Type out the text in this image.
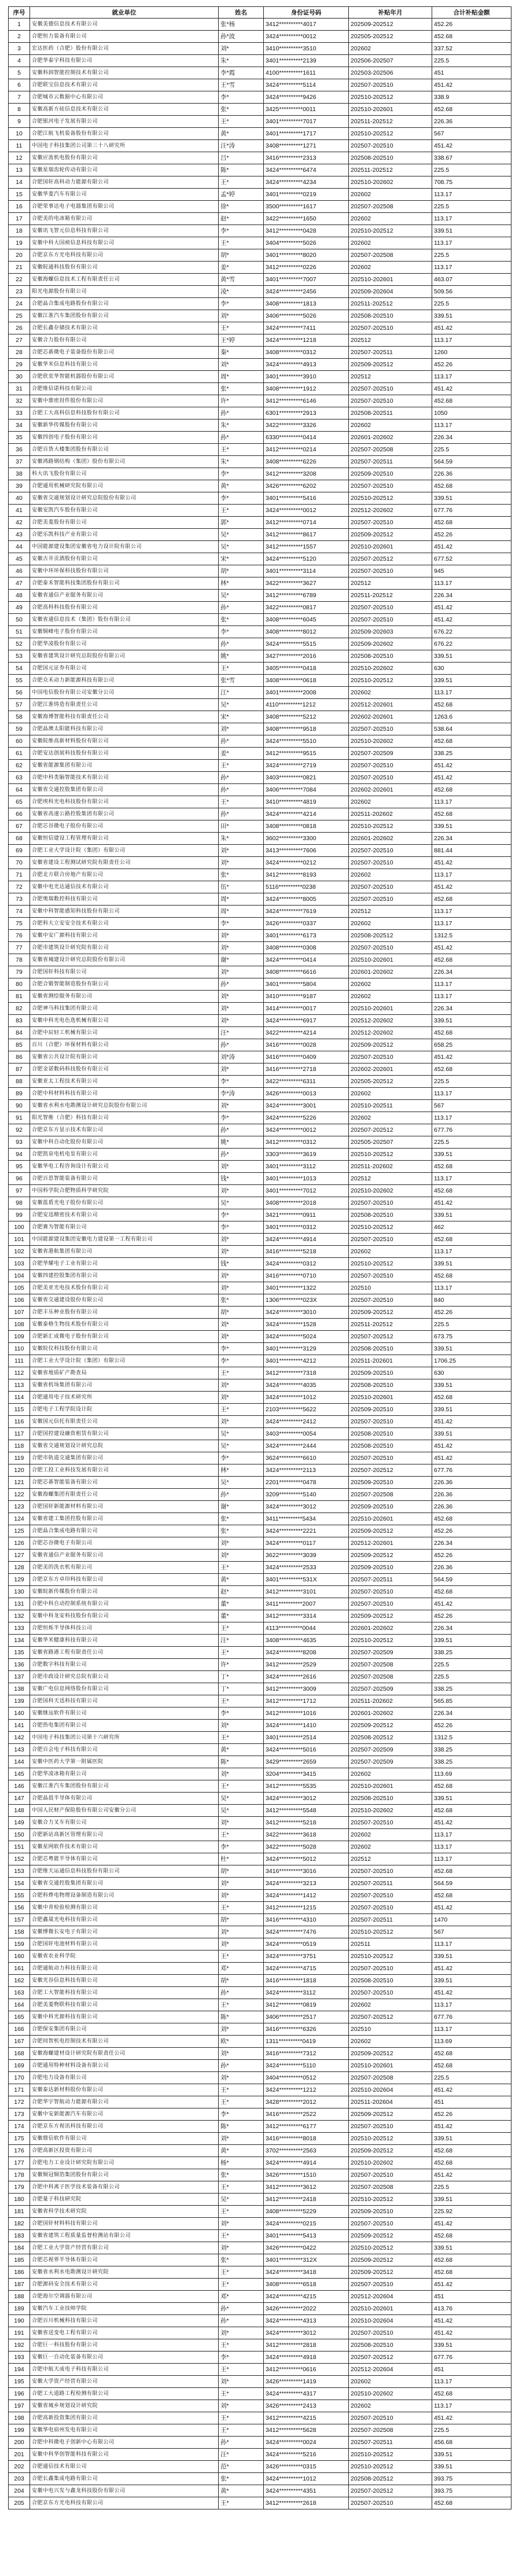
序号	就业单位	姓名	身份证号码	补贴年月	合计补贴金额
1	安徽美德信息技术有限公司	张*杨	3412**********4017	202509-202512	452.26
2	合肥恒力装备有限公司	孙*波	3424**********0012	202505-202512	452.68
3	宏达医药（合肥）股份有限公司	刘*	3410**********3510	202602	337.52
4	合肥华泰宇科技有限公司	朱*	3401**********2139	202506-202507	225.5
5	安徽科润智能控制技术有限公司	李*霞	4100**********1611	202503-202506	451
6	合肥联宝信息技术有限公司	王*雪	3424**********5114	202507-202510	451.42
7	合肥城市云数据中心有限公司	李*	3424**********9426	202510-202512	338.9
8	安徽高新方硅信息技术有限公司	张*	3425**********0011	202510-202601	452.68
9	合肥银河电子发展有限公司	王*	3401**********7017	202511-202512	226.36
10	合肥江航飞机装备股份有限公司	黄*	3401**********1717	202510-202512	567
11	中国电子科技集团公司第三十八研究所	汪*涛	3408**********1271	202507-202510	451.42
12	安徽应流机电股份有限公司	吕*	3416**********2313	202508-202510	338.67
13	安徽星瑞齿轮传动有限公司	陈*	3424**********6474	202511-202512	225.5
14	合肥国轩高科动力能源有限公司	王*	3424**********4234	202510-202602	708.75
15	安徽华菱汽车有限公司	孟*婷	3401**********0219	202602	113.17
16	合肥荣事达电子电器集团有限公司	徐*	3500**********1617	202507-202508	225.5
17	合肥美的电冰箱有限公司	赵*	3422**********1650	202602	113.17
18	安徽讯飞智元信息科技有限公司	李*	3412**********0428	202510-202512	339.51
19	安徽中科大国祯信息科技有限公司	王*	3404**********5026	202602	113.17
20	合肥京东方光电科技有限公司	胡*	3401**********8020	202507-202508	225.5
21	安徽皖通科技股份有限公司	姜*	3412**********0226	202602	113.17
22	安徽海螺信息技术工程有限责任公司	黄*雪	3401**********7007	202510-202601	463.07
23	阳光电源股份有限公司	凌*	3424**********2456	202509-202604	509.56
24	合肥晶合集成电路股份有限公司	李*	3408**********1813	202511-202512	225.5
25	安徽江淮汽车集团股份有限公司	刘*	3406**********5026	202508-202510	339.51
26	合肥长鑫存储技术有限公司	王*	3424**********7411	202507-202510	451.42
27	安徽合力股份有限公司	王*婷	3424**********1218	202512	113.17
28	合肥芯碁微电子装备股份有限公司	秦*	3408**********0312	202507-202511	1260
29	安徽华米信息科技有限公司	刘*	3424**********4913	202509-202512	452.26
30	合肥欣奕华智能机器股份有限公司	周*	3401**********3910	202512	113.17
31	合肥维信诺科技有限公司	张*	3408**********1912	202507-202510	451.42
32	安徽中鼎密封件股份有限公司	许*	3412**********6146	202507-202510	452.68
33	合肥工大高科信息科技股份有限公司	孙*	6301**********2913	202508-202511	1050
34	安徽新华传媒股份有限公司	朱*	3422**********3326	202602	113.17
35	安徽四创电子股份有限公司	孙*	6330**********0414	202601-202602	226.34
36	合肥百货大楼集团股份有限公司	王*	3412**********0214	202507-202508	225.5
37	安徽鸿路钢结构（集团）股份有限公司	朱*	3408**********6226	202507-202511	564.59
38	科大讯飞股份有限公司	李*	3412**********3208	202509-202510	226.36
39	合肥通用机械研究院有限公司	黄*	3426**********6202	202507-202510	452.68
40	安徽省交通规划设计研究总院股份有限公司	李*	3401**********5416	202510-202512	339.51
41	安徽安凯汽车股份有限公司	王*	3424**********0012	202512-202602	677.76
42	合肥美菱股份有限公司	郭*	3412**********0714	202507-202510	452.68
43	合肥乐凯科技产业有限公司	吴*	3412**********8617	202509-202512	452.26
44	中国能源建设集团安徽省电力设计院有限公司	吴*	3412**********1557	202510-202601	451.42
45	安徽古井贡酒股份有限公司	宋*	3424**********5120	202507-202512	677.52
46	安徽中环环保科技股份有限公司	胡*	3401**********3114	202507-202510	945
47	合肥泰禾智能科技集团股份有限公司	林*	3422**********3627	202512	113.17
48	安徽省通信产业服务有限公司	吴*	3412**********6789	202511-202512	226.34
49	合肥高科科技股份有限公司	孙*	3422**********0817	202507-202510	451.42
50	安徽省通信息技术（集团）股份有限公司	张*	3408**********6045	202507-202510	451.42
51	安徽铜峰电子股份有限公司	李*	3408**********8012	202509-202603	676.22
52	合肥华凌股份有限公司	孙*	3424**********5515	202509-202602	676.22
53	安徽省建筑设计研究总院股份有限公司	姚*	3427**********2016	202508-202510	339.51
54	合肥国元证券有限公司	王*	3405**********0418	202510-202602	630
55	合肥众禾动力新能源科技有限公司	张*雪	3408**********0618	202510-202512	339.51
56	中国电信股份有限公司安徽分公司	江*	3401**********2008	202602	113.17
57	合肥江淮铸造有限责任公司	吴*	4110**********1212	202512-202601	452.68
58	安徽海博智能科技有限责任公司	宋*	3408**********5212	202602-202601	1263.6
59	合肥晶澳太阳能科技有限公司	刘*	3408**********9518	202507-202510	538.64
60	安徽皖维高新材料股份有限公司	孙*	3424**********5510	202510-202602	452.68
61	合肥安达创展科技股份有限公司	姜*	3412**********9515	202507-202509	338.25
62	安徽省能源集团有限公司	王*	3424**********2719	202507-202510	451.42
63	合肥中科类脑智能技术有限公司	孙*	3403**********0821	202507-202510	451.42
64	安徽省交通控股集团有限公司	孙*	3406**********7084	202602-202601	452.68
65	合肥埃科光电科技股份有限公司	王*	3410**********4819	202602	113.17
66	安徽省高速公路控股集团有限公司	孙*	3424**********4214	202511-202602	452.68
67	合肥芯谷微电子股份有限公司	田*	3408**********0818	202510-202512	339.51
68	安徽恒信建设工程管理有限公司	朱*	3602**********3300	202601-202602	226.34
69	合肥工业大学设计院（集团）有限公司	刘*	3413**********7606	202507-202510	881.44
70	安徽省建设工程测试研究院有限责任公司	刘*	3424**********0212	202507-202510	451.42
71	合肥北方联合房地产有限公司	张*	3412**********8193	202602	113.17
72	安徽中电光达通信技术有限公司	伍*	5116**********0238	202507-202510	451.42
73	合肥奥瑞数控科技有限公司	周*	3424**********8005	202507-202510	452.68
74	安徽中科智能感知科技股份有限公司	周*	3424**********7619	202512	113.17
75	合肥科大立安安全技术有限公司	李*	3426**********0337	202602	113.17
76	安徽中安广源科技有限公司	刘*	3401**********6173	202508-202512	1312.5
77	合肥市建筑设计研究院有限公司	刘*	3408**********0308	202507-202510	451.42
78	安徽省城建设计研究总院股份有限公司	谢*	3424**********0414	202510-202601	452.68
79	合肥国轩科技有限公司	刘*	3408**********6616	202601-202602	226.34
80	合肥合锻智能制造股份有限公司	孙*	3401**********5804	202602	113.17
81	安徽省测绘服务有限公司	刘*	3410**********9187	202602	113.17
82	合肥神马科技集团有限公司	刘*	3414**********0017	202510-202601	226.34
83	安徽中科光电色选机械有限公司	刘*	3424**********6917	202512-202602	339.51
84	合肥中辰轻工机械有限公司	汪*	3422**********4214	202512-202602	452.68
85	百川（合肥）环保材料有限公司	孙*	3416**********0028	202509-202512	658.25
86	安徽省公共设计院有限公司	刘*涛	3416**********0409	202507-202510	451.42
87	合肥金诺数码科技股份有限公司	刘*	3416**********2718	202602-202601	452.68
88	安徽亚太工程技术有限公司	李*	3422**********6311	202505-202512	225.5
89	合肥中科材料科技有限公司	李*涛	3426**********0013	202602	113.17
90	安徽省水利水电勘测设计研究总院股份有限公司	刘*	3424**********3001	202510-202511	567
91	阳光智维（合肥）科技有限公司	李*	3424**********5226	202602	113.17
92	合肥京东方显示技术有限公司	孙*	3424**********0012	202507-202512	677.76
93	安徽中科自动化股份有限公司	姚*	3412**********0312	202505-202507	225.5
94	合肥凯泉电机电泵有限公司	孙*	3303**********3619	202510-202512	339.51
95	安徽华电工程咨询设计有限公司	刘*	3401**********3112	202511-202602	452.68
96	合肥百思智能装备有限公司	钱*	3401**********1013	202512	113.17
97	中国科学院合肥物质科学研究院	刘*	3401**********7012	202510-202602	452.68
98	安徽蓝盾光电子股份有限公司	吴*	3408**********2018	202507-202510	451.42
99	合肥安迅精密技术有限公司	李*	3421**********0911	202508-202510	339.51
100	合肥赛为智能有限公司	李*	3401**********0312	202510-202512	462
101	中国能源建设集团安徽电力建设第一工程有限公司	刘*	3424**********4914	202507-202510	452.68
102	安徽省港航集团有限公司	刘*	3416**********5218	202602	113.17
103	合肥华耀电子工业有限公司	钱*	3424**********0312	202510-202512	339.51
104	安徽四建控股集团有限公司	刘*	3416**********0710	202507-202510	452.68
105	合肥美亚光电技术股份有限公司	刘*	3401**********1322	202510	113.17
106	安徽省交通建设股份有限公司	张*	1306**********023X	202507-202510	840
107	合肥丰乐种业股份有限公司	胡*	3424**********3010	202509-202512	452.26
108	安徽泰格生物技术股份有限公司	刘*	3424**********1528	202511-202512	225.5
109	合肥新汇成微电子股份有限公司	刘*	3424**********5024	202507-202512	673.75
110	安徽皖仪科技股份有限公司	李*	3401**********3129	202508-202510	339.51
111	合肥工业大学设计院（集团）有限公司	李*	3401**********4212	202511-202601	1706.25
112	安徽省地质矿产勘查局	王*	3412**********7318	202509-202510	630
113	安徽省机场集团有限公司	刘*	3424**********4035	202508-202510	339.51
114	合肥通用电子技术研究所	刘*	3424**********1012	202510-202601	452.68
115	合肥电子工程学院设计院	王*	2103**********5622	202509-202510	339.51
116	安徽国元信托有限责任公司	刘*	3424**********2412	202507-202510	451.42
117	合肥国控建设融资租赁有限公司	吴*	3403**********0054	202508-202510	339.51
118	安徽省交通规划设计研究总院	吴*	3424**********2444	202508-202510	451.42
119	合肥市轨道交通集团有限公司	李*	3624**********6610	202507-202510	451.42
120	合肥工投工业科技发展有限公司	林*	3424**********2113	202507-202512	677.76
121	合肥芯碁智能装备有限公司	吴*	2201**********0478	202509-202510	226.36
122	安徽海螺集团有限责任公司	孙*	3209**********5140	202507-202508	226.36
123	合肥国轩新能源材料有限公司	谢*	3424**********3012	202509-202510	226.36
124	安徽省建工集团控股有限公司	张*	3411**********5434	202510-202601	452.68
125	合肥晶合集成电路有限公司	张*	3424**********2221	202509-202512	452.26
126	合肥芯谷微电子有限公司	刘*	3424**********0117	202512-202601	226.34
127	安徽省通信产业服务有限公司	刘*	3622**********3039	202509-202512	452.26
128	合肥美的洗衣机有限公司	王*	3424**********2533	202509-202510	226.36
129	合肥京东方卓印科技有限公司	黄*	3401**********531X	202507-202511	564.59
130	安徽皖新传媒股份有限公司	赵*	3412**********3101	202507-202510	452.68
131	合肥中科自动控制系统有限公司	董*	3411**********2007	202507-202510	451.42
132	安徽中科龙安科技股份有限公司	董*	3412**********3314	202509-202512	452.26
133	合肥恒烁半导体科技公司	王*	4113**********0044	202601-202602	226.34
134	安徽华米健康科技有限公司	汪*	3408**********4635	202510-202512	339.51
135	安徽省路港工程有限责任公司	王*	3424**********8208	202507-202509	338.25
136	合肥数字科技有限公司	许*	3412**********2529	202507-202508	225.5
137	合肥市政设计研究总院有限公司	丁*	3424**********2616	202507-202508	225.5
138	安徽广电信息网络股份有限公司	丁*	3412**********3009	202507-202509	338.25
139	合肥国科天迅科技有限公司	王*	3412**********1712	202511-202602	565.85
140	安徽继远软件有限公司	李*	3412**********1016	202601-202602	226.34
141	合肥热电集团有限公司	刘*	3424**********1410	202509-202512	452.26
142	中国电子科技集团公司第十六研究所	王*	3401**********2514	202508-202512	1312.5
143	合肥百会电子科技有限公司	黄*	3424**********5016	202507-202509	338.25
144	安徽中医药大学第一附属医院	陈*	3429**********2659	202507-202509	338.25
145	合肥华凌冰箱有限公司	刘*	3204**********3415	202602	113.69
146	安徽江淮汽车集团股份有限公司	王*	3412**********5535	202510-202601	452.68
147	合肥晶晨半导体有限公司	吴*	3424**********3012	202508-202510	339.51
148	中国人民财产保险股份有限公司安徽分公司	吴*	3412**********5548	202510-202602	452.68
149	安徽合力叉车有限公司	刘*	3412**********5218	202507-202510	451.42
150	合肥新站高新区管理有限公司	王*	3422**********3618	202602	113.17
151	安徽星网软件技术有限公司	李*	3422**********5028	202602	113.17
152	合肥芯粤能半导体有限公司	杜*	3424**********5012	202512	113.17
153	合肥维天运通信息科技股份有限公司	胡*	3416**********3016	202507-202510	452.68
154	安徽省交通控股集团有限公司	刘*	3424**********3213	202507-202511	564.59
155	合肥科烨电物理设备制造有限公司	刘*	3424**********1412	202507-202510	452.68
156	安徽中青检验检测有限公司	王*	3412**********1215	202507-202510	451.42
157	合肥鑫晟光电科技有限公司	胡*	3416**********4310	202507-202511	1470
158	安徽博微长安电子有限公司	刘*	3424**********7476	202510-202512	567
159	合肥国轩电池材料有限公司	刘*	3424**********0519	202511	113.17
160	安徽省农业科学院	王*	3424**********3751	202510-202512	339.51
161	合肥通航动力科技有限公司	邓*	3424**********4715	202507-202510	451.42
162	安徽光谷信息科技有限公司	胡*	3416**********1818	202508-202510	339.51
163	合肥工大智能科技有限公司	孙*	3424**********3112	202507-202510	451.42
164	合肥美菱物联科技有限公司	王*	3412**********0819	202602	113.17
165	安徽中科光源科技有限公司	陈*	3406**********2517	202507-202512	677.76
166	合肥保安集团有限公司	刘*	3416**********6326	202510	113.17
167	合肥同智机电控制技术有限公司	欧*	1311**********0419	202602	113.69
168	安徽海螺建材设计研究院有限责任公司	刘*	3416**********7312	202509-202512	452.68
169	合肥通用特种材料设备有限公司	孙*	3424**********5110	202510-202601	452.68
170	合肥电力设备有限公司	刘*	3404**********0512	202507-202508	225.5
171	安徽泰达新材料股份有限公司	王*	3424**********1212	202510-202604	451.42
172	合肥华宇智航动力能源有限公司	王*	3428**********2012	202511-202604	451
173	安徽中安新能源汽车有限公司	李*	3416**********2522	202509-202512	452.26
174	合肥京东方视讯科技有限公司	陈*	3412**********6177	202507-202510	451.42
175	安徽鼎信软件有限公司	刘*	3416**********8018	202510-202512	339.51
176	合肥高新区投资有限公司	黄*	3702**********2563	202509-202512	452.68
177	合肥电力工业设计研究院有限公司	杨*	3424**********4914	202510-202602	452.68
178	安徽铜冠铜箔集团股份有限公司	张*	3426**********1510	202507-202510	451.42
179	合肥中科离子医学技术装备有限公司	王*	3412**********3612	202507-202508	225.5
180	合肥量子科技研究院	吴*	3412**********2418	202510-202512	339.51
181	安徽省科学技术研究院	王*	3408**********5229	202509-202510	225.92
182	合肥国轩材料科技有限公司	刘*	3424**********0215	202507-202510	451.42
183	安徽省建筑工程质量监督检测站有限公司	王*	3401**********5413	202509-202512	452.68
184	合肥工业大学资产经营有限公司	刘*	3426**********0422	202510-202512	339.51
185	合肥芯视界半导体有限公司	张*	3401**********312X	202509-202512	452.68
186	安徽省水利水电勘测设计研究院	王*	3424**********3418	202509-202512	452.68
187	合肥源码安全技术有限公司	王*	3408**********6518	202507-202510	451.42
188	合肥海尔空调器有限公司	邓*	3424**********4215	202512-202604	451
189	安徽汽车工业技师学院	孙*	3426**********2022	202510-202601	413.76
190	合肥百川机械科技有限公司	孙*	3424**********4313	202510-202604	451.42
191	安徽省送变电工程有限公司	刘*	3424**********3012	202507-202510	451.42
192	合肥巨一科技股份有限公司	王*	3412**********2818	202508-202510	339.51
193	安徽巨一自动化装备有限公司	李*	3424**********4918	202507-202512	677.76
194	合肥中航天成电子科技有限公司	王*	3412**********0616	202512-202604	451
195	安徽大学资产经营有限公司	刘*	3426**********1419	202602	113.17
196	合肥工大道路工程检测有限公司	王*	3424**********4317	202510-202602	452.68
197	安徽省城乡规划设计研究院	刘*	3426**********2413	202602	113.17
198	合肥高新投资集团有限公司	王*	3412**********4215	202507-202510	451.42
199	安徽华电宿州发电有限公司	王*	3412**********5628	202507-202508	225.5
200	合肥中科微电子创新中心有限公司	孙*	3424**********0024	202507-202511	456.68
201	安徽中科华创智能科技有限公司	汪*	3424**********5216	202510-202512	339.51
202	合肥通信技术有限公司	范*	3426**********0315	202510-202512	339.51
203	合肥长鑫集成电路有限公司	张*	3424**********1012	202508-202512	393.75
204	安徽中电兴发与鑫龙科技股份有限公司	黄*	3424**********4351	202507-202512	393.75
205	合肥京东方光电科技有限公司	王*	3412**********2618	202507-202510	452.68
